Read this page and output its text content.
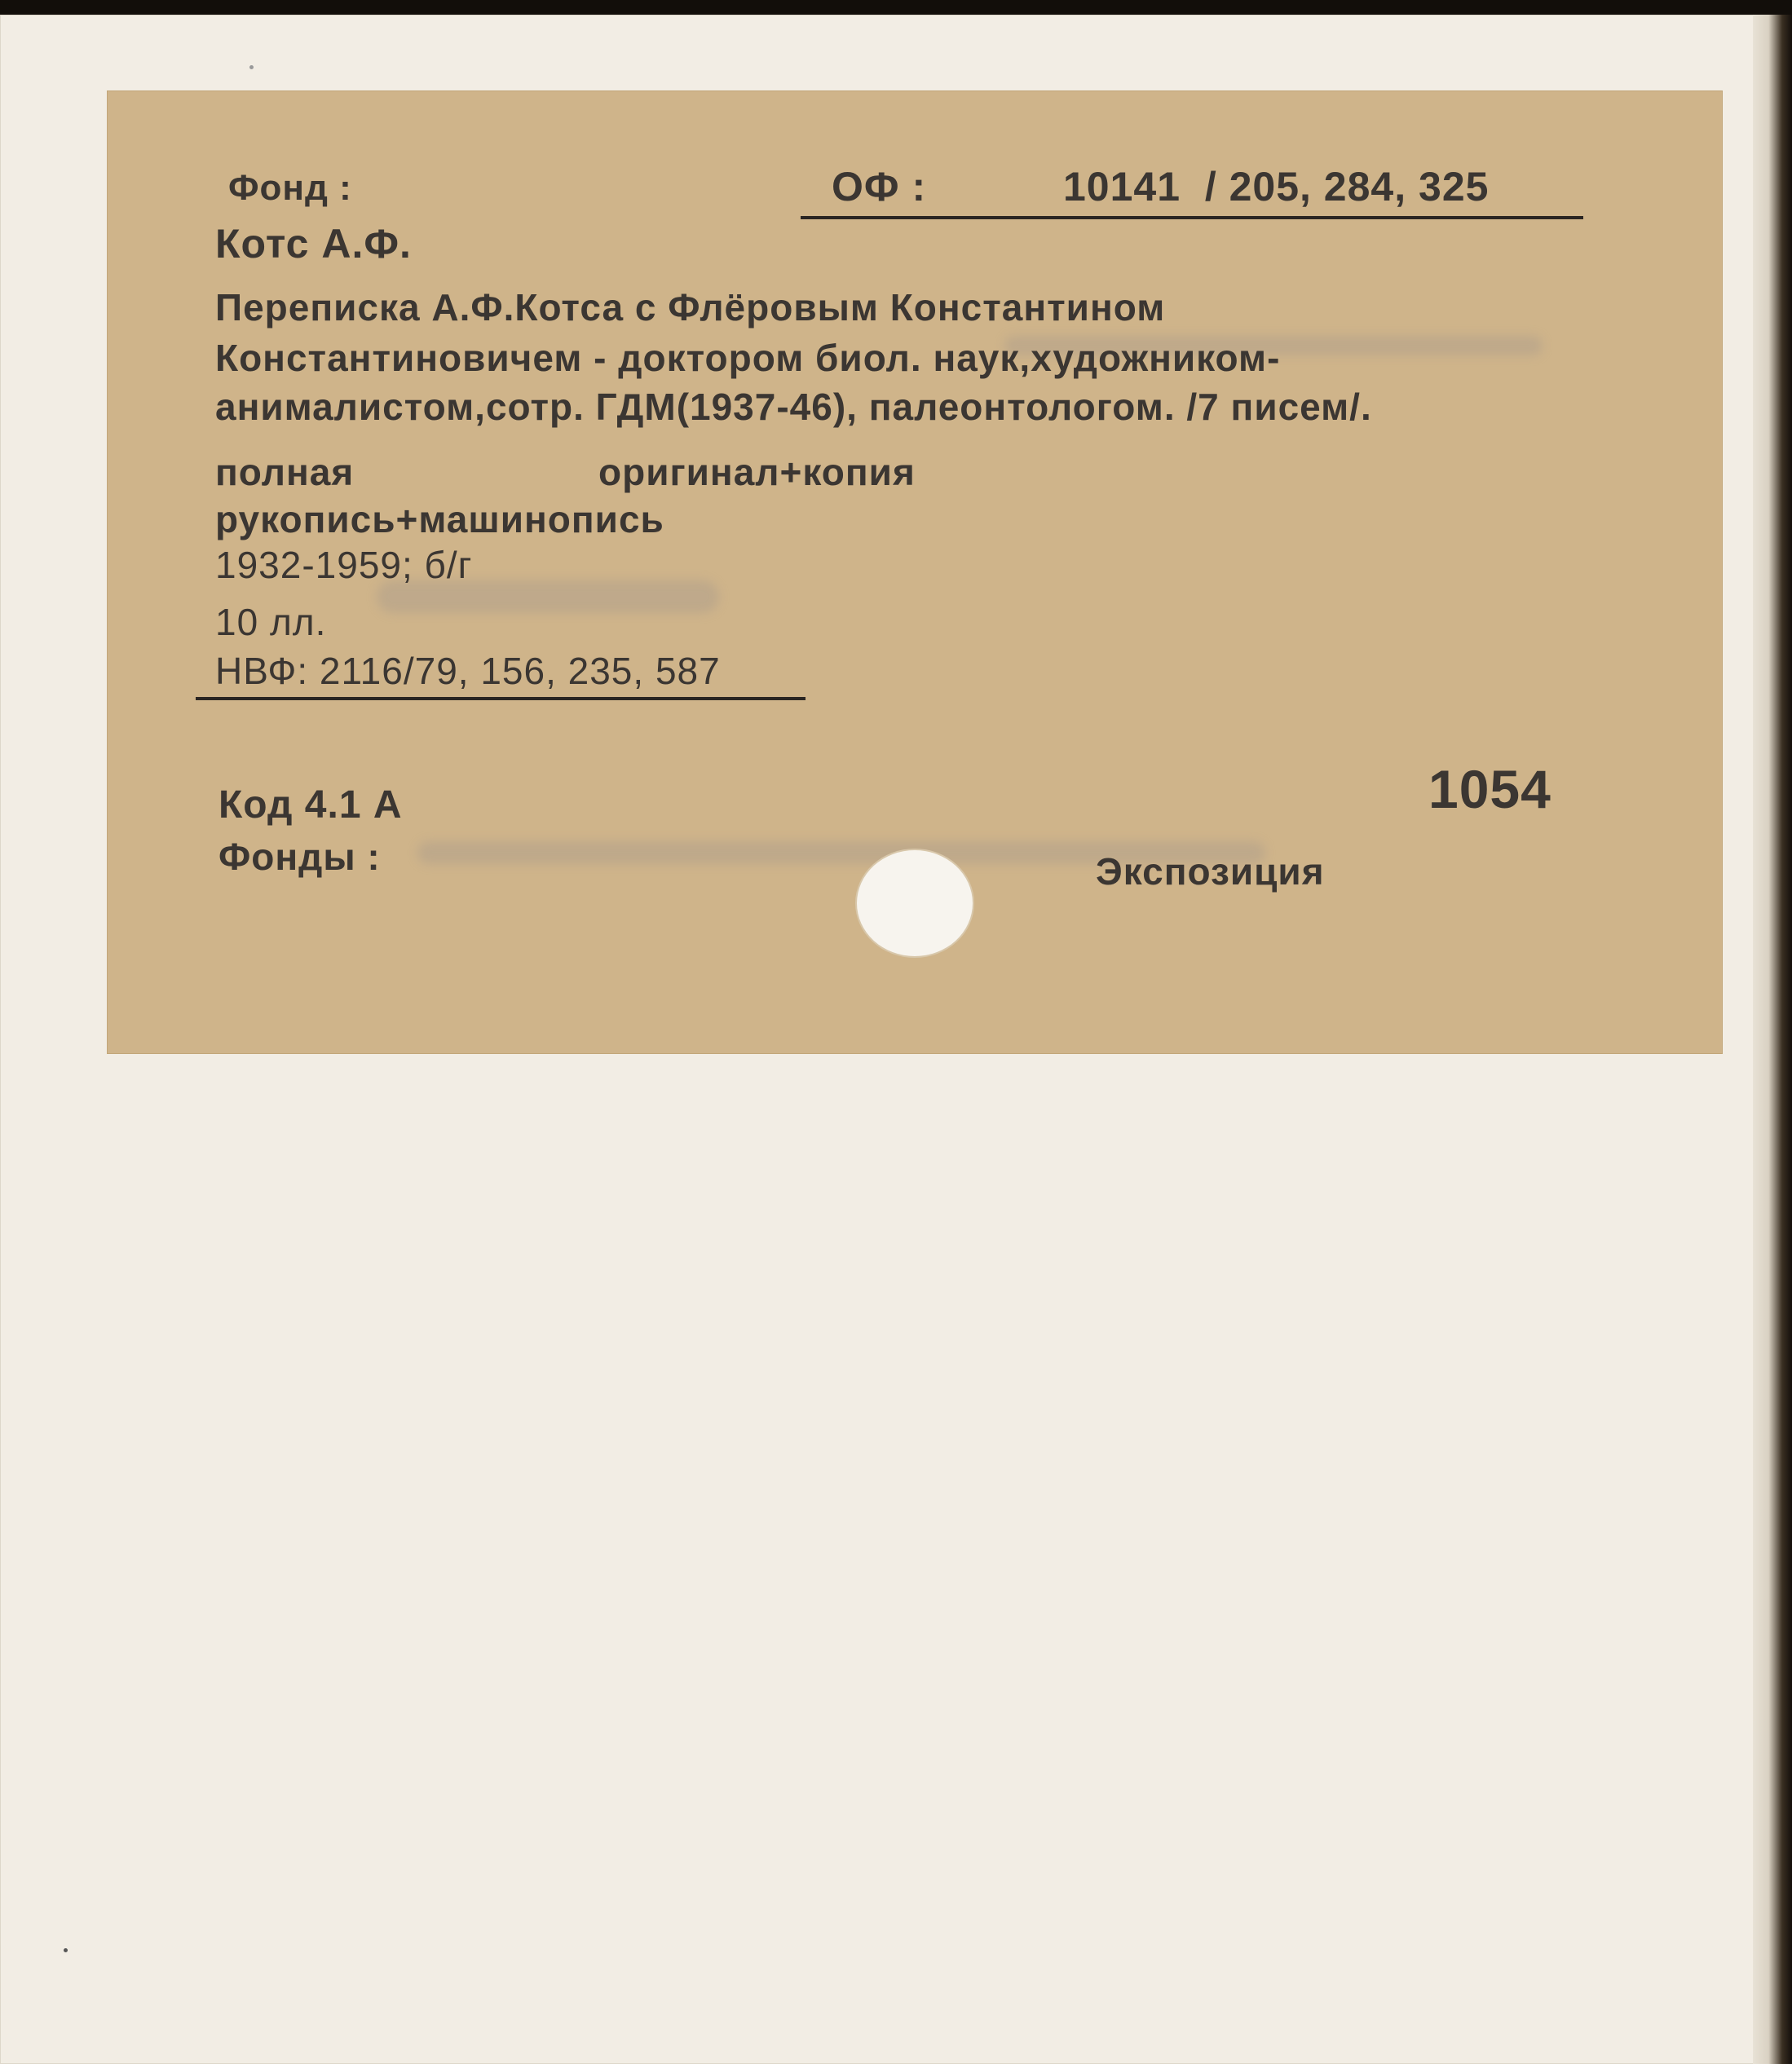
Фонд :	ОФ :	10141  / 205, 284, 325
Котс А.Ф.
Переписка А.Ф.Котса с Флёровым Константином
Константиновичем - доктором биол. наук,художником-
анималистом,сотр. ГДМ(1937-46), палеонтологом. /7 писем/.
полная	оригинал+копия
рукопись+машинопись
1932-1959; б/г
10 лл.
НВФ: 2116/79, 156, 235, 587
Код 4.1 А	1054
Фонды :	Экспозиция
